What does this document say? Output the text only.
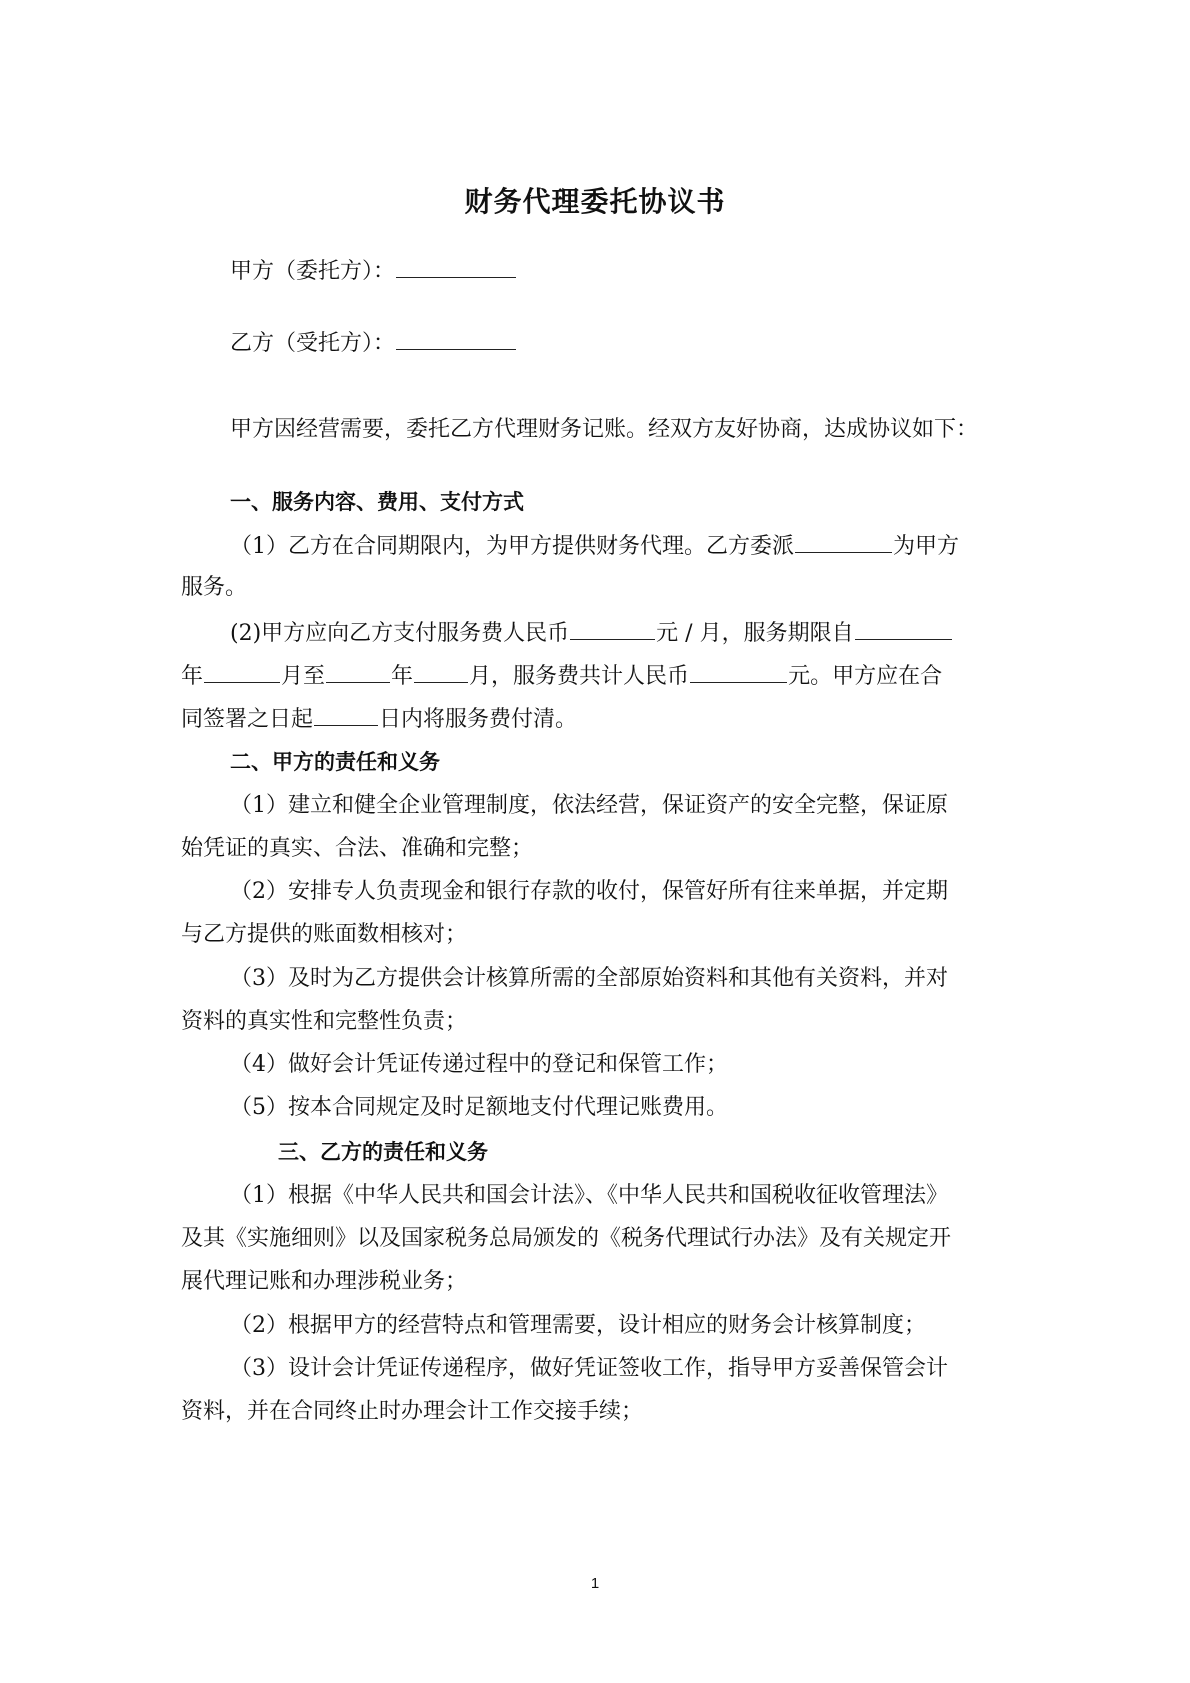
财务代理委托协议书
甲方（委托方）：
乙方（受托方）：
甲方因经营需要，委托乙方代理财务记账。经双方友好协商，达成协议如下：
一、服务内容、费用、支付方式
（1）乙方在合同期限内，为甲方提供财务代理。乙方委派	为甲方
服务。
(2)甲方应向乙方支付服务费人民币	元 / 月，服务期限自
年	月至	年	月，服务费共计人民币	元。甲方应在合
同签署之日起	日内将服务费付清。
二、甲方的责任和义务
（1）建立和健全企业管理制度，依法经营，保证资产的安全完整，保证原
始凭证的真实、合法、准确和完整；
（2）安排专人负责现金和银行存款的收付，保管好所有往来单据，并定期
与乙方提供的账面数相核对；
（3）及时为乙方提供会计核算所需的全部原始资料和其他有关资料，并对
资料的真实性和完整性负责；
（4）做好会计凭证传递过程中的登记和保管工作；
（5）按本合同规定及时足额地支付代理记账费用。
三、乙方的责任和义务
（1）根据《中华人民共和国会计法》、《中华人民共和国税收征收管理法》
及其《实施细则》以及国家税务总局颁发的《税务代理试行办法》及有关规定开
展代理记账和办理涉税业务；
（2）根据甲方的经营特点和管理需要，设计相应的财务会计核算制度；
（3）设计会计凭证传递程序，做好凭证签收工作，指导甲方妥善保管会计
资料，并在合同终止时办理会计工作交接手续；
1
